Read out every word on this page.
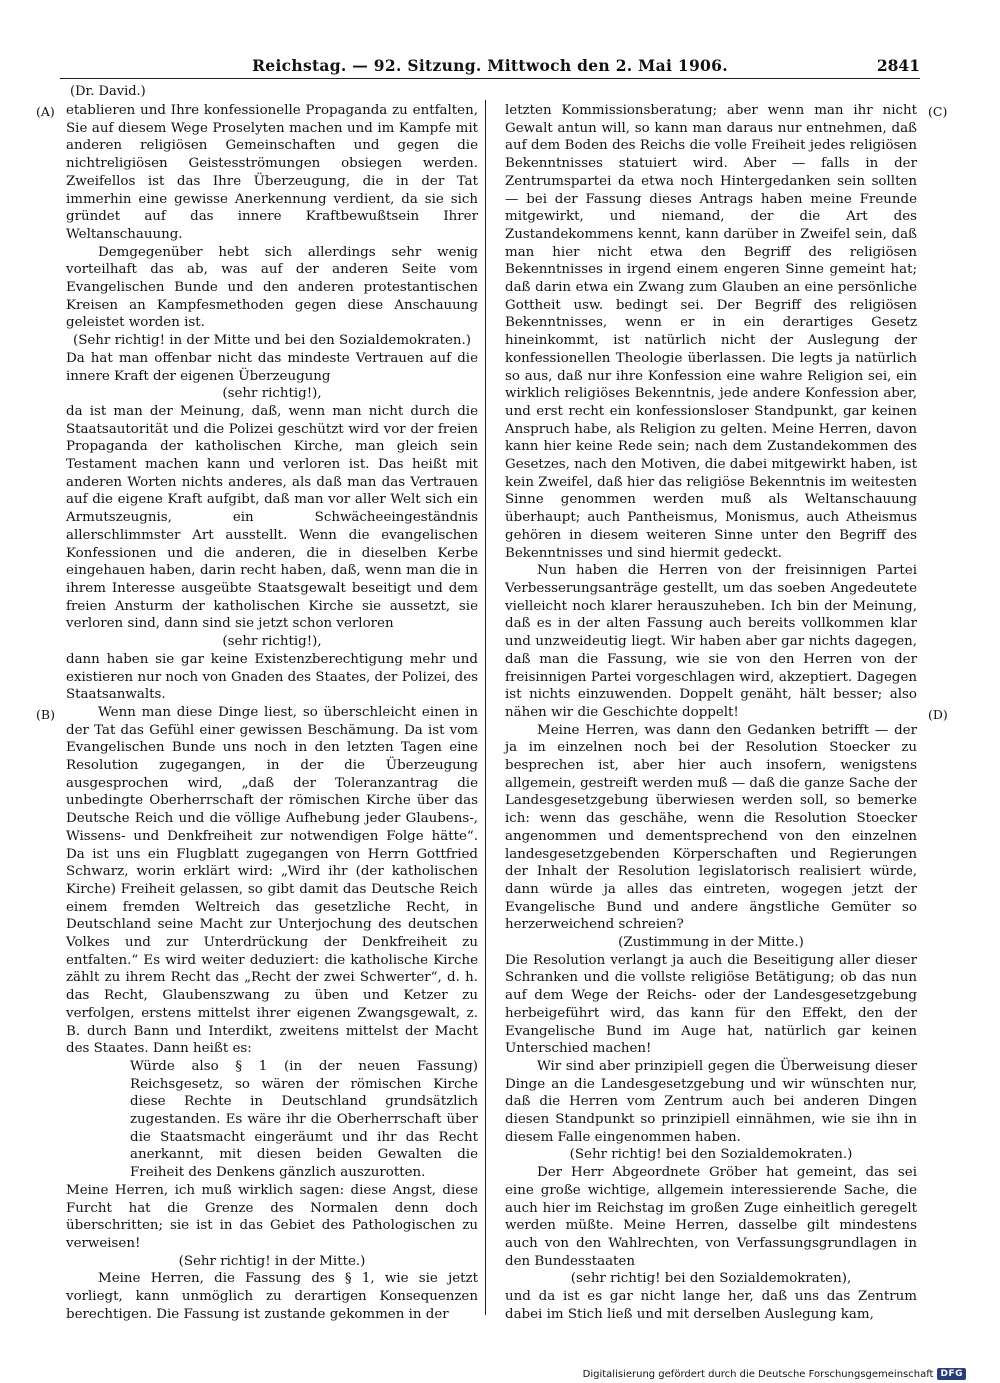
Reichstag. — 92. Sitzung. Mittwoch den 2. Mai 1906.	2841
(Dr. David.)
(A)
(B)
(C)
(D)

etablieren und Ihre konfessionelle Propaganda zu entfalten, Sie auf diesem Wege Proselyten machen und im Kampfe mit anderen religiösen Gemeinschaften und gegen die nichtreligiösen Geistesströmungen obsiegen werden. Zweifellos ist das Ihre Überzeugung, die in der Tat immerhin eine gewisse Anerkennung verdient, da sie sich gründet auf das innere Kraftbewußtsein Ihrer Weltanschauung.

Demgegenüber hebt sich allerdings sehr wenig vorteilhaft das ab, was auf der anderen Seite vom Evangelischen Bunde und den anderen protestantischen Kreisen an Kampfesmethoden gegen diese Anschauung geleistet worden ist.

(Sehr richtig! in der Mitte und bei den Sozialdemokraten.)

Da hat man offenbar nicht das mindeste Vertrauen auf die innere Kraft der eigenen Überzeugung

(sehr richtig!),

da ist man der Meinung, daß, wenn man nicht durch die Staatsautorität und die Polizei geschützt wird vor der freien Propaganda der katholischen Kirche, man gleich sein Testament machen kann und verloren ist. Das heißt mit anderen Worten nichts anderes, als daß man das Vertrauen auf die eigene Kraft aufgibt, daß man vor aller Welt sich ein Armutszeugnis, ein Schwächeeingeständnis allerschlimmster Art ausstellt. Wenn die evangelischen Konfessionen und die anderen, die in dieselben Kerbe eingehauen haben, darin recht haben, daß, wenn man die in ihrem Interesse ausgeübte Staatsgewalt beseitigt und dem freien Ansturm der katholischen Kirche sie aussetzt, sie verloren sind, dann sind sie jetzt schon verloren

(sehr richtig!),

dann haben sie gar keine Existenzberechtigung mehr und existieren nur noch von Gnaden des Staates, der Polizei, des Staatsanwalts.

Wenn man diese Dinge liest, so überschleicht einen in der Tat das Gefühl einer gewissen Beschämung. Da ist vom Evangelischen Bunde uns noch in den letzten Tagen eine Resolution zugegangen, in der die Überzeugung ausgesprochen wird, „daß der Toleranzantrag die unbedingte Oberherrschaft der römischen Kirche über das Deutsche Reich und die völlige Aufhebung jeder Glaubens-, Wissens- und Denkfreiheit zur notwendigen Folge hätte“. Da ist uns ein Flugblatt zugegangen von Herrn Gottfried Schwarz, worin erklärt wird: „Wird ihr (der katholischen Kirche) Freiheit gelassen, so gibt damit das Deutsche Reich einem fremden Weltreich das gesetzliche Recht, in Deutschland seine Macht zur Unterjochung des deutschen Volkes und zur Unterdrückung der Denkfreiheit zu entfalten.“ Es wird weiter deduziert: die katholische Kirche zählt zu ihrem Recht das „Recht der zwei Schwerter“, d. h. das Recht, Glaubenszwang zu üben und Ketzer zu verfolgen, erstens mittelst ihrer eigenen Zwangsgewalt, z. B. durch Bann und Interdikt, zweitens mittelst der Macht des Staates. Dann heißt es:

Würde also § 1 (in der neuen Fassung) Reichsgesetz, so wären der römischen Kirche diese Rechte in Deutschland grundsätzlich zugestanden. Es wäre ihr die Oberherrschaft über die Staatsmacht eingeräumt und ihr das Recht anerkannt, mit diesen beiden Gewalten die Freiheit des Denkens gänzlich auszurotten.

Meine Herren, ich muß wirklich sagen: diese Angst, diese Furcht hat die Grenze des Normalen denn doch überschritten; sie ist in das Gebiet des Pathologischen zu verweisen!

(Sehr richtig! in der Mitte.)

Meine Herren, die Fassung des § 1, wie sie jetzt vorliegt, kann unmöglich zu derartigen Konsequenzen berechtigen. Die Fassung ist zustande gekommen in der

letzten Kommissionsberatung; aber wenn man ihr nicht Gewalt antun will, so kann man daraus nur entnehmen, daß auf dem Boden des Reichs die volle Freiheit jedes religiösen Bekenntnisses statuiert wird. Aber — falls in der Zentrumspartei da etwa noch Hintergedanken sein sollten — bei der Fassung dieses Antrags haben meine Freunde mitgewirkt, und niemand, der die Art des Zustandekommens kennt, kann darüber in Zweifel sein, daß man hier nicht etwa den Begriff des religiösen Bekenntnisses in irgend einem engeren Sinne gemeint hat; daß darin etwa ein Zwang zum Glauben an eine persönliche Gottheit usw. bedingt sei. Der Begriff des religiösen Bekenntnisses, wenn er in ein derartiges Gesetz hineinkommt, ist natürlich nicht der Auslegung der konfessionellen Theologie überlassen. Die legts ja natürlich so aus, daß nur ihre Konfession eine wahre Religion sei, ein wirklich religiöses Bekenntnis, jede andere Konfession aber, und erst recht ein konfessionsloser Standpunkt, gar keinen Anspruch habe, als Religion zu gelten. Meine Herren, davon kann hier keine Rede sein; nach dem Zustandekommen des Gesetzes, nach den Motiven, die dabei mitgewirkt haben, ist kein Zweifel, daß hier das religiöse Bekenntnis im weitesten Sinne genommen werden muß als Weltanschauung überhaupt; auch Pantheismus, Monismus, auch Atheismus gehören in diesem weiteren Sinne unter den Begriff des Bekenntnisses und sind hiermit gedeckt.

Nun haben die Herren von der freisinnigen Partei Verbesserungsanträge gestellt, um das soeben Angedeutete vielleicht noch klarer herauszuheben. Ich bin der Meinung, daß es in der alten Fassung auch bereits vollkommen klar und unzweideutig liegt. Wir haben aber gar nichts dagegen, daß man die Fassung, wie sie von den Herren von der freisinnigen Partei vorgeschlagen wird, akzeptiert. Dagegen ist nichts einzuwenden. Doppelt genäht, hält besser; also nähen wir die Geschichte doppelt!

Meine Herren, was dann den Gedanken betrifft — der ja im einzelnen noch bei der Resolution Stoecker zu besprechen ist, aber hier auch insofern, wenigstens allgemein, gestreift werden muß — daß die ganze Sache der Landesgesetzgebung überwiesen werden soll, so bemerke ich: wenn das geschähe, wenn die Resolution Stoecker angenommen und dementsprechend von den einzelnen landesgesetzgebenden Körperschaften und Regierungen der Inhalt der Resolution legislatorisch realisiert würde, dann würde ja alles das eintreten, wogegen jetzt der Evangelische Bund und andere ängstliche Gemüter so herzerweichend schreien?

(Zustimmung in der Mitte.)

Die Resolution verlangt ja auch die Beseitigung aller dieser Schranken und die vollste religiöse Betätigung; ob das nun auf dem Wege der Reichs- oder der Landesgesetzgebung herbeigeführt wird, das kann für den Effekt, den der Evangelische Bund im Auge hat, natürlich gar keinen Unterschied machen!

Wir sind aber prinzipiell gegen die Überweisung dieser Dinge an die Landesgesetzgebung und wir wünschten nur, daß die Herren vom Zentrum auch bei anderen Dingen diesen Standpunkt so prinzipiell einnähmen, wie sie ihn in diesem Falle eingenommen haben.

(Sehr richtig! bei den Sozialdemokraten.)

Der Herr Abgeordnete Gröber hat gemeint, das sei eine große wichtige, allgemein interessierende Sache, die auch hier im Reichstag im großen Zuge einheitlich geregelt werden müßte. Meine Herren, dasselbe gilt mindestens auch von den Wahlrechten, von Verfassungsgrundlagen in den Bundesstaaten

(sehr richtig! bei den Sozialdemokraten),

und da ist es gar nicht lange her, daß uns das Zentrum dabei im Stich ließ und mit derselben Auslegung kam,

Digitalisierung gefördert durch die Deutsche Forschungsgemeinschaft DFG
